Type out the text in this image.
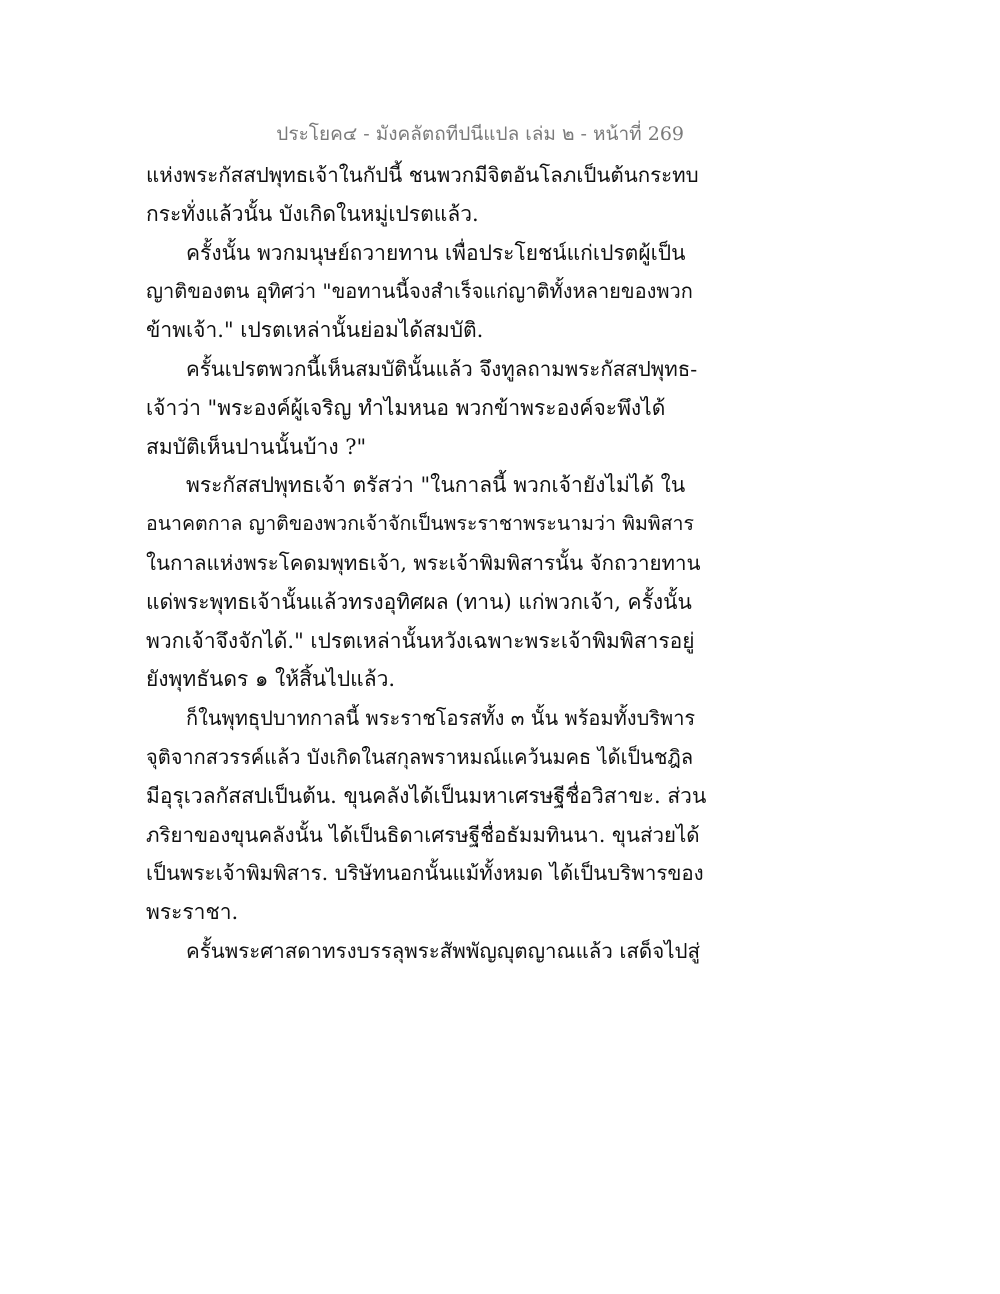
ประโยค๔ - มังคลัตถทีปนีแปล เล่ม ๒ - หน้าที่ 269
แห่งพระกัสสปพุทธเจ้าในกัปนี้ ชนพวกมีจิตอันโลภเป็นต้นกระทบ
กระทั่งแล้วนั้น บังเกิดในหมู่เปรตแล้ว.
ครั้งนั้น พวกมนุษย์ถวายทาน เพื่อประโยชน์แก่เปรตผู้เป็น
ญาติของตน อุทิศว่า "ขอทานนี้จงสำเร็จแก่ญาติทั้งหลายของพวก
ข้าพเจ้า." เปรตเหล่านั้นย่อมได้สมบัติ.
ครั้นเปรตพวกนี้เห็นสมบัตินั้นแล้ว จึงทูลถามพระกัสสปพุทธ-
เจ้าว่า "พระองค์ผู้เจริญ ทำไมหนอ พวกข้าพระองค์จะพึงได้
สมบัติเห็นปานนั้นบ้าง ?"
พระกัสสปพุทธเจ้า ตรัสว่า "ในกาลนี้ พวกเจ้ายังไม่ได้ ใน
อนาคตกาล ญาติของพวกเจ้าจักเป็นพระราชาพระนามว่า พิมพิสาร
ในกาลแห่งพระโคดมพุทธเจ้า, พระเจ้าพิมพิสารนั้น จักถวายทาน
แด่พระพุทธเจ้านั้นแล้วทรงอุทิศผล (ทาน) แก่พวกเจ้า, ครั้งนั้น
พวกเจ้าจึงจักได้." เปรตเหล่านั้นหวังเฉพาะพระเจ้าพิมพิสารอยู่
ยังพุทธันดร ๑ ให้สิ้นไปแล้ว.
ก็ในพุทธุปบาทกาลนี้ พระราชโอรสทั้ง ๓ นั้น พร้อมทั้งบริพาร
จุติจากสวรรค์แล้ว บังเกิดในสกุลพราหมณ์แคว้นมคธ ได้เป็นชฎิล
มีอุรุเวลกัสสปเป็นต้น. ขุนคลังได้เป็นมหาเศรษฐีชื่อวิสาขะ. ส่วน
ภริยาของขุนคลังนั้น ได้เป็นธิดาเศรษฐีชื่อธัมมทินนา. ขุนส่วยได้
เป็นพระเจ้าพิมพิสาร. บริษัทนอกนั้นแม้ทั้งหมด ได้เป็นบริพารของ
พระราชา.
ครั้นพระศาสดาทรงบรรลุพระสัพพัญญุตญาณแล้ว เสด็จไปสู่
